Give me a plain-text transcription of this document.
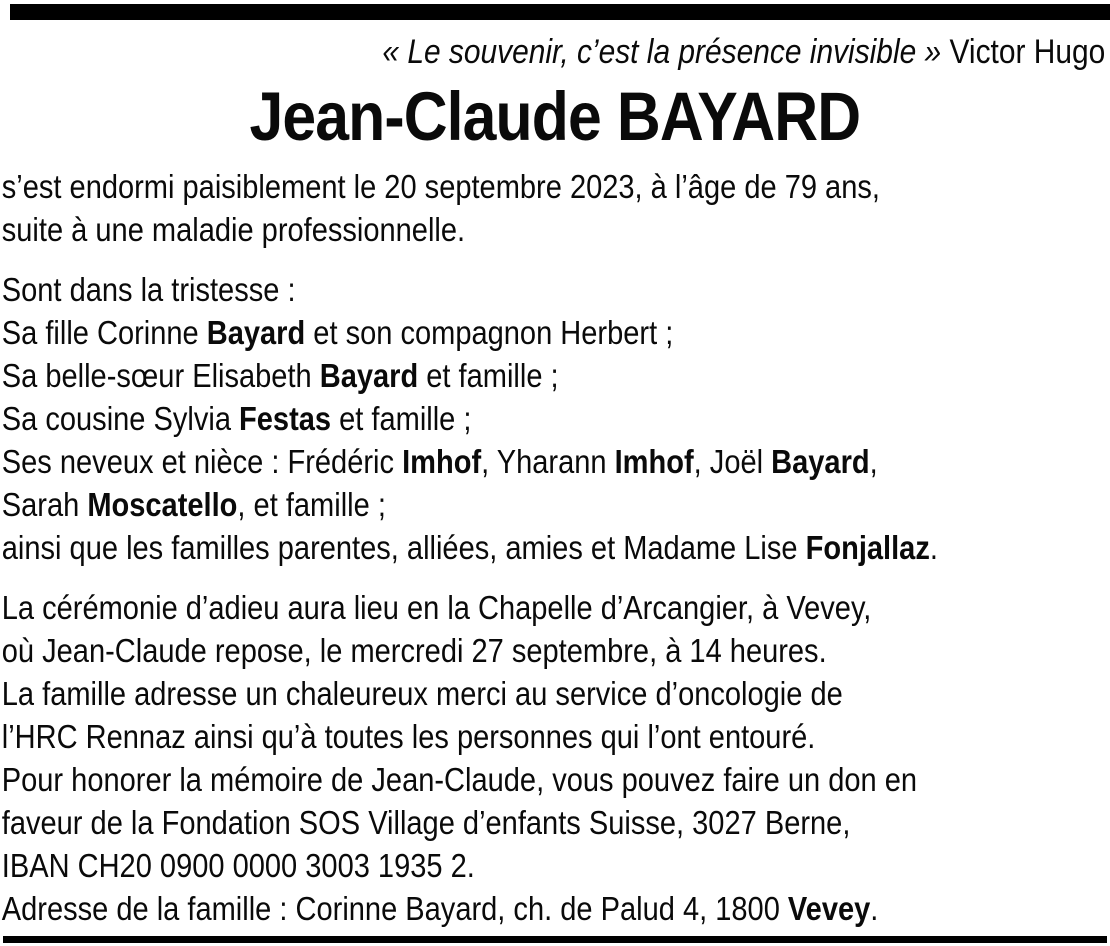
« Le souvenir, c’est la présence invisible » Victor Hugo
Jean-Claude BAYARD
s’est endormi paisiblement le 20 septembre 2023, à l’âge de 79 ans,
suite à une maladie professionnelle.
Sont dans la tristesse :
Sa fille Corinne Bayard et son compagnon Herbert ;
Sa belle-sœur Elisabeth Bayard et famille ;
Sa cousine Sylvia Festas et famille ;
Ses neveux et nièce : Frédéric Imhof, Yharann Imhof, Joël Bayard,
Sarah Moscatello, et famille ;
ainsi que les familles parentes, alliées, amies et Madame Lise Fonjallaz.
La cérémonie d’adieu aura lieu en la Chapelle d’Arcangier, à Vevey,
où Jean-Claude repose, le mercredi 27 septembre, à 14 heures.
La famille adresse un chaleureux merci au service d’oncologie de
l’HRC Rennaz ainsi qu’à toutes les personnes qui l’ont entouré.
Pour honorer la mémoire de Jean-Claude, vous pouvez faire un don en
faveur de la Fondation SOS Village d’enfants Suisse, 3027 Berne,
IBAN CH20 0900 0000 3003 1935 2.
Adresse de la famille : Corinne Bayard, ch. de Palud 4, 1800 Vevey.
